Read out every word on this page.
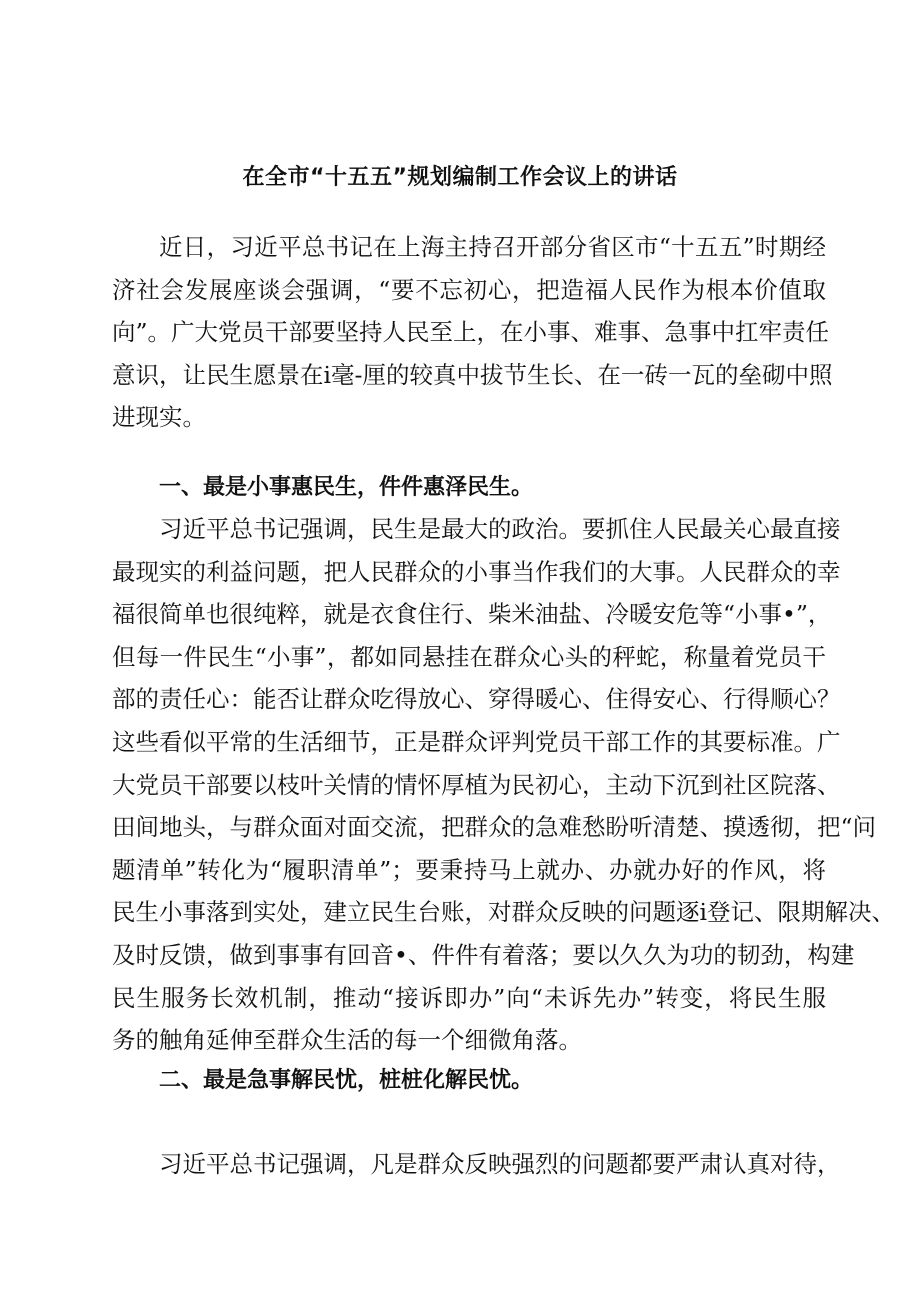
在全市“十五五”规划编制工作会议上的讲话
近日，习近平总书记在上海主持召开部分省区市“十五五”时期经
济社会发展座谈会强调，“要不忘初心，把造福人民作为根本价值取
向”。广大党员干部要坚持人民至上，在小事、难事、急事中扛牢责任
意识，让民生愿景在i毫-厘的较真中拔节生长、在一砖一瓦的垒砌中照
进现实。
一、最是小事惠民生，件件惠泽民生。
习近平总书记强调，民生是最大的政治。要抓住人民最关心最直接
最现实的利益问题，把人民群众的小事当作我们的大事。人民群众的幸
福很简单也很纯粹，就是衣食住行、柴米油盐、冷暖安危等“小事•”，
但每一件民生“小事”，都如同悬挂在群众心头的秤蛇，称量着党员干
部的责任心：能否让群众吃得放心、穿得暖心、住得安心、行得顺心？
这些看似平常的生活细节，正是群众评判党员干部工作的其要标准。广
大党员干部要以枝叶关情的情怀厚植为民初心，主动下沉到社区院落、
田间地头，与群众面对面交流，把群众的急难愁盼听清楚、摸透彻，把“问
题清单”转化为“履职清单”；要秉持马上就办、办就办好的作风，将
民生小事落到实处，建立民生台账，对群众反映的问题逐i登记、限期解决、
及时反馈，做到事事有回音•、件件有着落；要以久久为功的韧劲，构建
民生服务长效机制，推动“接诉即办”向“未诉先办”转变，将民生服
务的触角延伸至群众生活的每一个细微角落。
二、最是急事解民忧，桩桩化解民忧。
习近平总书记强调，凡是群众反映强烈的问题都要严肃认真对待，
